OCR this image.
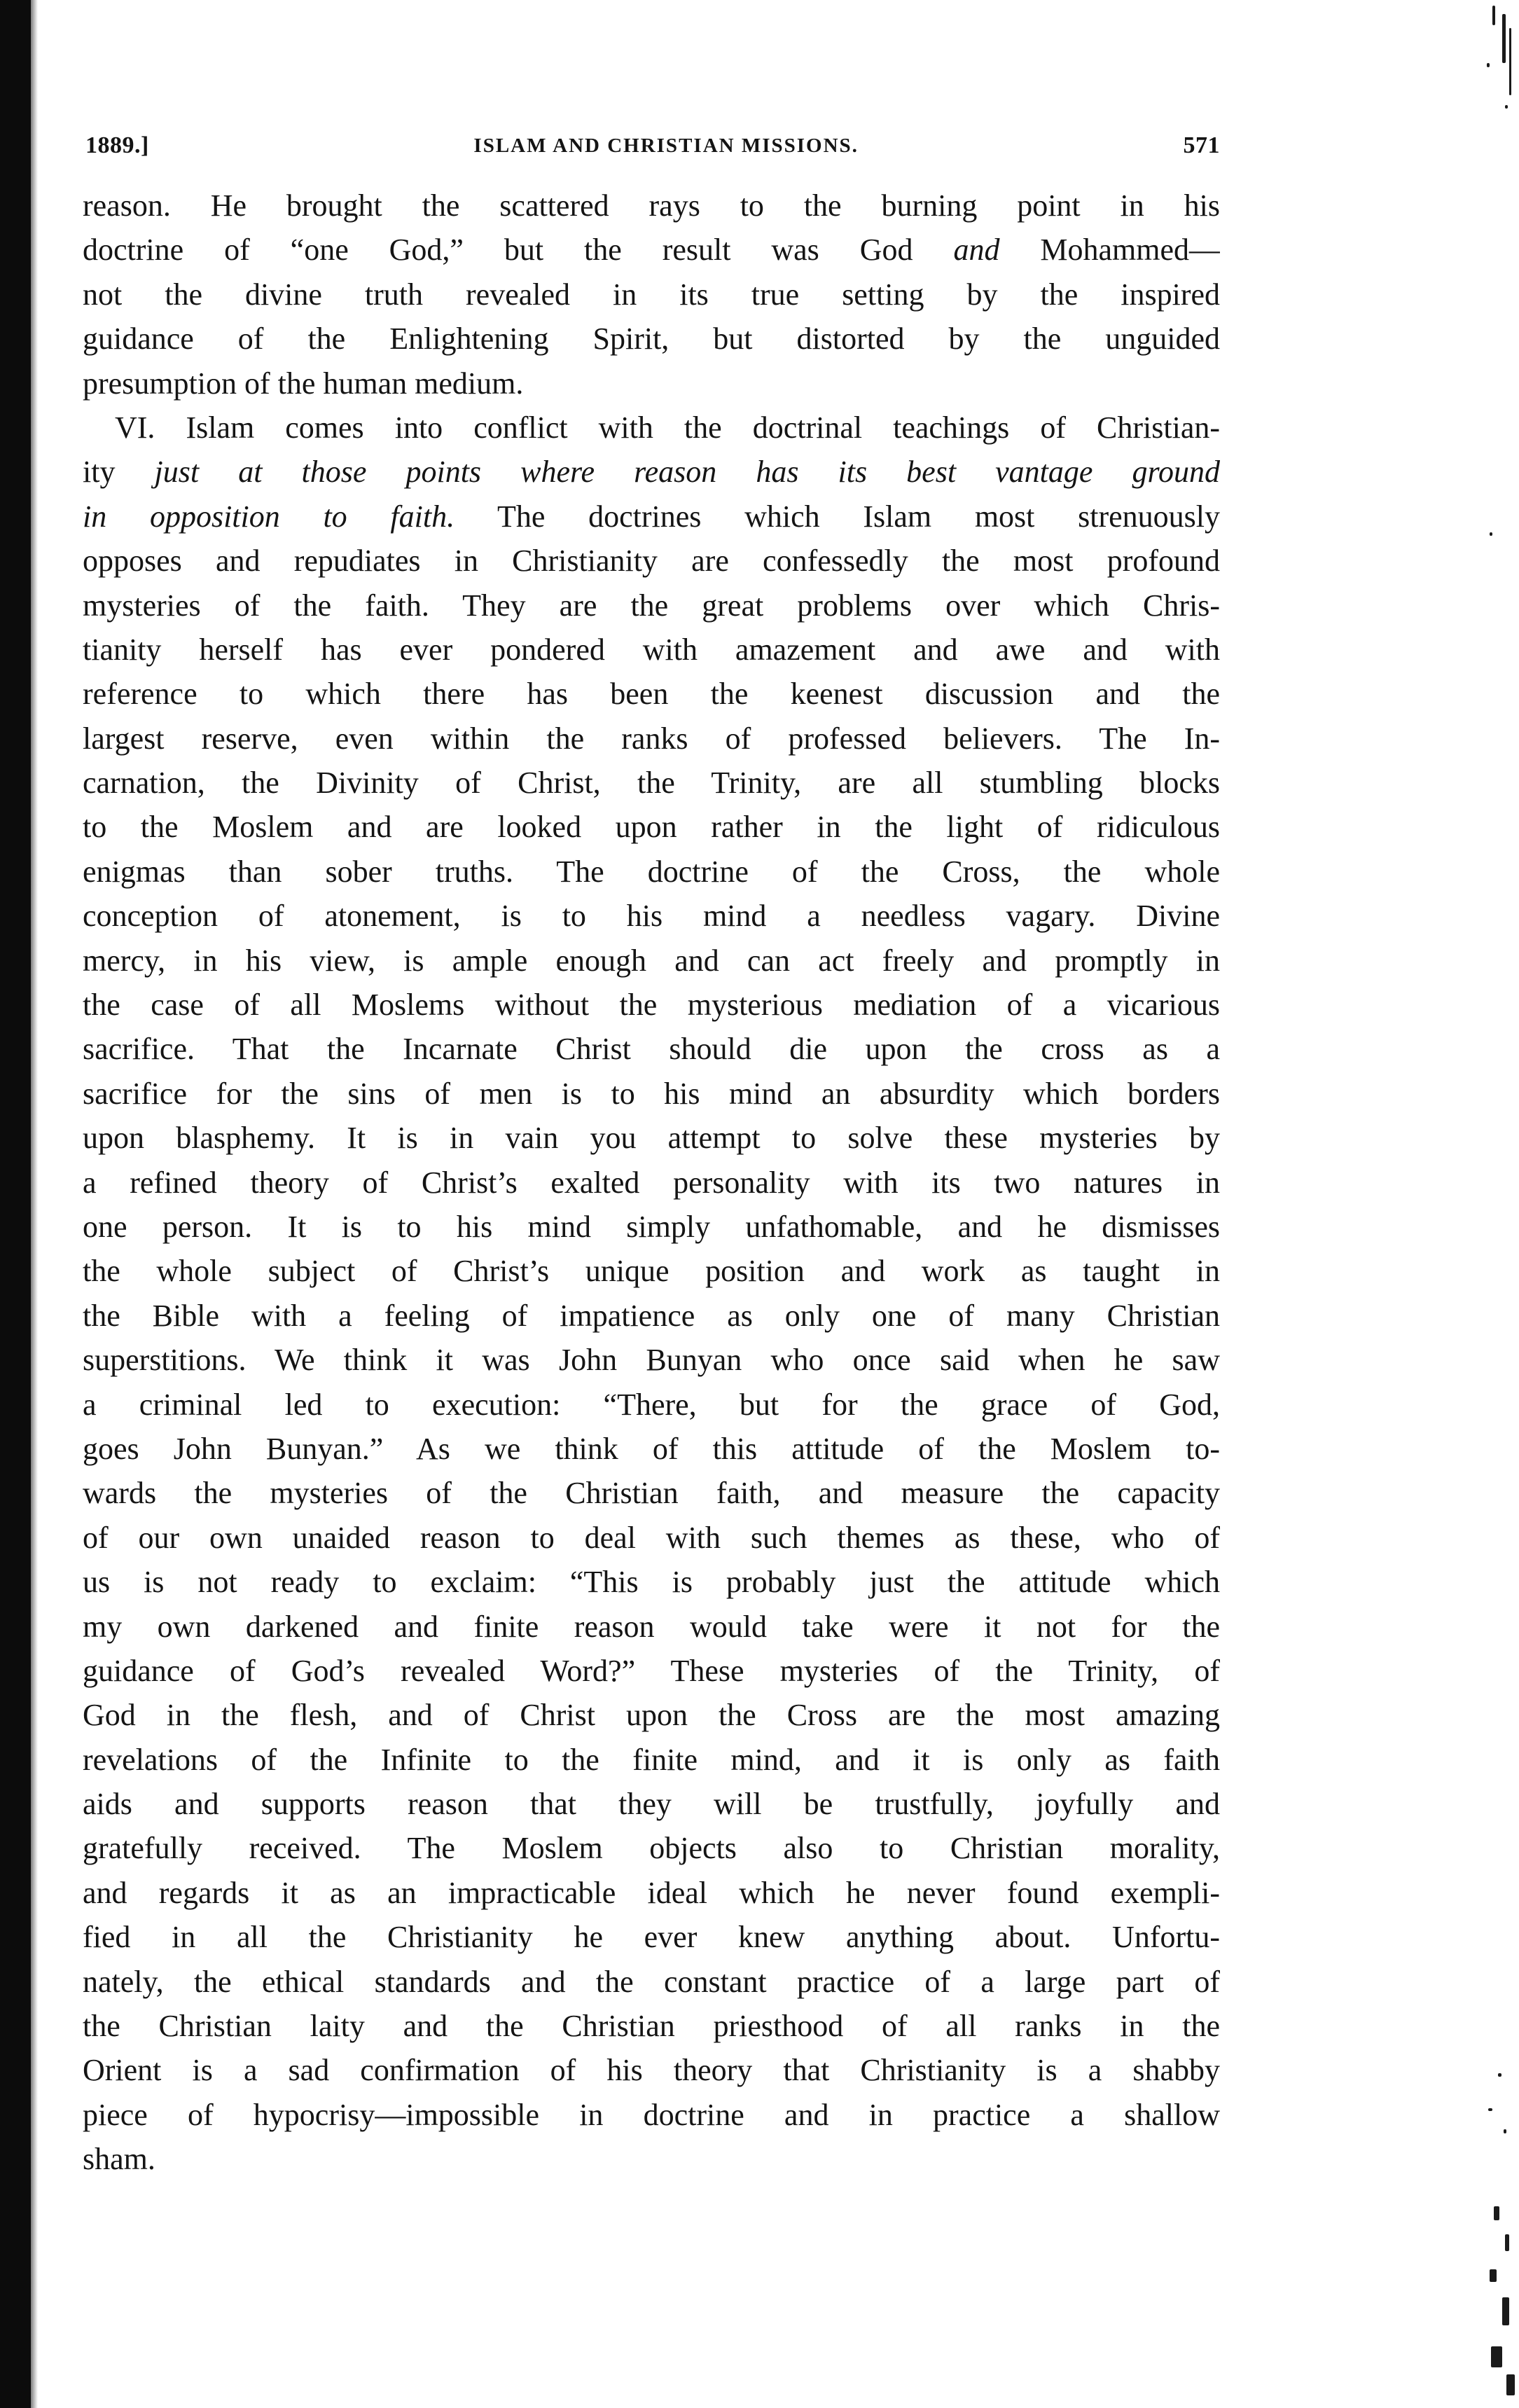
1889.]	ISLAM AND CHRISTIAN MISSIONS.	571
reason. He brought the scattered rays to the burning point in his
doctrine of “one God,” but the result was God and Mohammed—
not the divine truth revealed in its true setting by the inspired
guidance of the Enlightening Spirit, but distorted by the unguided
presumption of the human medium.
VI. Islam comes into conflict with the doctrinal teachings of Christian-
ity just at those points where reason has its best vantage ground
in opposition to faith. The doctrines which Islam most strenuously
opposes and repudiates in Christianity are confessedly the most profound
mysteries of the faith. They are the great problems over which Chris-
tianity herself has ever pondered with amazement and awe and with
reference to which there has been the keenest discussion and the
largest reserve, even within the ranks of professed believers. The In-
carnation, the Divinity of Christ, the Trinity, are all stumbling blocks
to the Moslem and are looked upon rather in the light of ridiculous
enigmas than sober truths. The doctrine of the Cross, the whole
conception of atonement, is to his mind a needless vagary. Divine
mercy, in his view, is ample enough and can act freely and promptly in
the case of all Moslems without the mysterious mediation of a vicarious
sacrifice. That the Incarnate Christ should die upon the cross as a
sacrifice for the sins of men is to his mind an absurdity which borders
upon blasphemy. It is in vain you attempt to solve these mysteries by
a refined theory of Christ’s exalted personality with its two natures in
one person. It is to his mind simply unfathomable, and he dismisses
the whole subject of Christ’s unique position and work as taught in
the Bible with a feeling of impatience as only one of many Christian
superstitions. We think it was John Bunyan who once said when he saw
a criminal led to execution: “There, but for the grace of God,
goes John Bunyan.” As we think of this attitude of the Moslem to-
wards the mysteries of the Christian faith, and measure the capacity
of our own unaided reason to deal with such themes as these, who of
us is not ready to exclaim: “This is probably just the attitude which
my own darkened and finite reason would take were it not for the
guidance of God’s revealed Word?” These mysteries of the Trinity, of
God in the flesh, and of Christ upon the Cross are the most amazing
revelations of the Infinite to the finite mind, and it is only as faith
aids and supports reason that they will be trustfully, joyfully and
gratefully received. The Moslem objects also to Christian morality,
and regards it as an impracticable ideal which he never found exempli-
fied in all the Christianity he ever knew anything about. Unfortu-
nately, the ethical standards and the constant practice of a large part of
the Christian laity and the Christian priesthood of all ranks in the
Orient is a sad confirmation of his theory that Christianity is a shabby
piece of hypocrisy—impossible in doctrine and in practice a shallow
sham.
